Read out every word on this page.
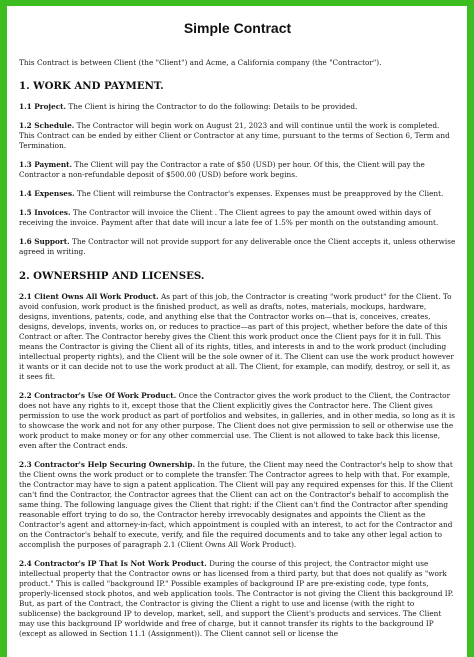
Simple Contract
This Contract is between Client (the "Client") and Acme, a California company (the "Contractor").
1. WORK AND PAYMENT.

1.1 Project. The Client is hiring the Contractor to do the following: Details to be provided.

1.2 Schedule. The Contractor will begin work on August 21, 2023 and will continue until the work is completed. This Contract can be ended by either Client or Contractor at any time, pursuant to the terms of Section 6, Term and Termination.

1.3 Payment. The Client will pay the Contractor a rate of $50 (USD) per hour. Of this, the Client will pay the Contractor a non-refundable deposit of $500.00 (USD) before work begins.

1.4 Expenses. The Client will reimburse the Contractor's expenses. Expenses must be preapproved by the Client.

1.5 Invoices. The Contractor will invoice the Client . The Client agrees to pay the amount owed within days of receiving the invoice. Payment after that date will incur a late fee of 1.5% per month on the outstanding amount.

1.6 Support. The Contractor will not provide support for any deliverable once the Client accepts it, unless otherwise agreed in writing.

2. OWNERSHIP AND LICENSES.

2.1 Client Owns All Work Product. As part of this job, the Contractor is creating "work product" for the Client. To avoid confusion, work product is the finished product, as well as drafts, notes, materials, mockups, hardware, designs, inventions, patents, code, and anything else that the Contractor works on—that is, conceives, creates, designs, develops, invents, works on, or reduces to practice—as part of this project, whether before the date of this Contract or after. The Contractor hereby gives the Client this work product once the Client pays for it in full. This means the Contractor is giving the Client all of its rights, titles, and interests in and to the work product (including intellectual property rights), and the Client will be the sole owner of it. The Client can use the work product however it wants or it can decide not to use the work product at all. The Client, for example, can modify, destroy, or sell it, as it sees fit.

2.2 Contractor's Use Of Work Product. Once the Contractor gives the work product to the Client, the Contractor does not have any rights to it, except those that the Client explicitly gives the Contractor here. The Client gives permission to use the work product as part of portfolios and websites, in galleries, and in other media, so long as it is to showcase the work and not for any other purpose. The Client does not give permission to sell or otherwise use the work product to make money or for any other commercial use. The Client is not allowed to take back this license, even after the Contract ends.

2.3 Contractor's Help Securing Ownership. In the future, the Client may need the Contractor's help to show that the Client owns the work product or to complete the transfer. The Contractor agrees to help with that. For example, the Contractor may have to sign a patent application. The Client will pay any required expenses for this. If the Client can't find the Contractor, the Contractor agrees that the Client can act on the Contractor's behalf to accomplish the same thing. The following language gives the Client that right: if the Client can't find the Contractor after spending reasonable effort trying to do so, the Contractor hereby irrevocably designates and appoints the Client as the Contractor's agent and attorney-in-fact, which appointment is coupled with an interest, to act for the Contractor and on the Contractor's behalf to execute, verify, and file the required documents and to take any other legal action to accomplish the purposes of paragraph 2.1 (Client Owns All Work Product).

2.4 Contractor's IP That Is Not Work Product. During the course of this project, the Contractor might use intellectual property that the Contractor owns or has licensed from a third party, but that does not qualify as "work product." This is called "background IP." Possible examples of background IP are pre-existing code, type fonts, properly-licensed stock photos, and web application tools. The Contractor is not giving the Client this background IP. But, as part of the Contract, the Contractor is giving the Client a right to use and license (with the right to sublicense) the background IP to develop, market, sell, and support the Client's products and services. The Client may use this background IP worldwide and free of charge, but it cannot transfer its rights to the background IP (except as allowed in Section 11.1 (Assignment)). The Client cannot sell or license the
